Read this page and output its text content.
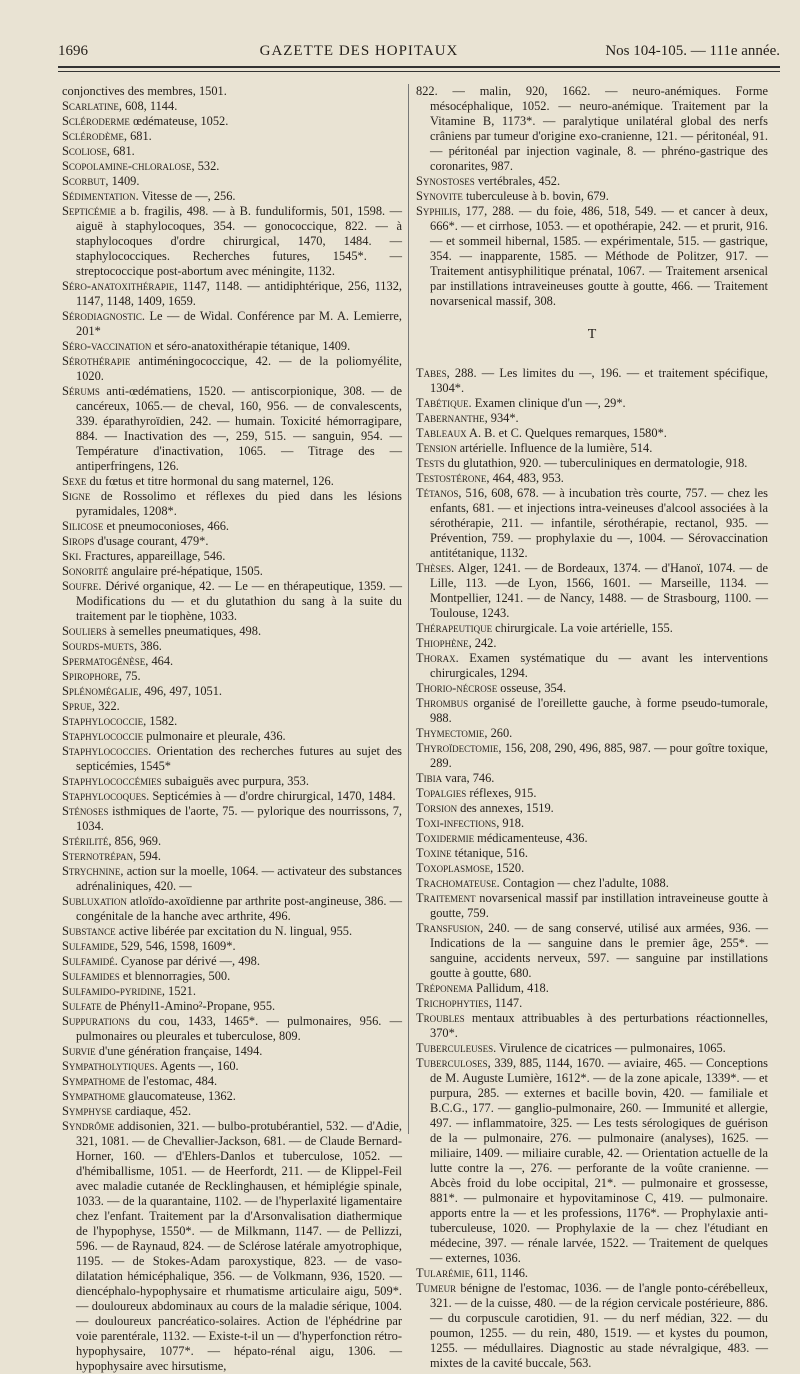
1696	GAZETTE DES HOPITAUX	Nos 104-105. — 111e année.

conjonctives des membres, 1501.

Scarlatine, 608, 1144.

Scléroderme œdémateuse, 1052.

Sclérodème, 681.

Scoliose, 681.

Scopolamine-chloralose, 532.

Scorbut, 1409.

Sédimentation. Vitesse de —, 256.

Septicémie a b. fragilis, 498. — à B. funduliformis, 501, 1598. — aiguë à staphylocoques, 354. — gonococcique, 822. — à staphylocoques d'ordre chirurgical, 1470, 1484. — staphylococciques. Recherches futures, 1545*. — streptococcique post-abortum avec méningite, 1132.

Séro-anatoxithérapie, 1147, 1148. — antidiphtérique, 256, 1132, 1147, 1148, 1409, 1659.

Sérodiagnostic. Le — de Widal. Conférence par M. A. Lemierre, 201*

Séro-vaccination et séro-anatoxithérapie tétanique, 1409.

Sérothérapie antiméningococcique, 42. — de la poliomyélite, 1020.

Sérums anti-œdématiens, 1520. — antiscorpionique, 308. — de cancéreux, 1065.— de cheval, 160, 956. — de convalescents, 339. éparathyroïdien, 242. — humain. Toxicité hémorragipare, 884. — Inactivation des —, 259, 515. — sanguin, 954. — Température d'inactivation, 1065. — Titrage des — antiperfringens, 126.

Sexe du fœtus et titre hormonal du sang maternel, 126.

Signe de Rossolimo et réflexes du pied dans les lésions pyramidales, 1208*.

Silicose et pneumoconioses, 466.

Sirops d'usage courant, 479*.

Ski. Fractures, appareillage, 546.

Sonorité angulaire pré-hépatique, 1505.

Soufre. Dérivé organique, 42. — Le — en thérapeutique, 1359. — Modifications du — et du glutathion du sang à la suite du traitement par le tiophène, 1033.

Souliers à semelles pneumatiques, 498.

Sourds-muets, 386.

Spermatogénèse, 464.

Spirophore, 75.

Splénomégalie, 496, 497, 1051.

Sprue, 322.

Staphylococcie, 1582.

Staphylococcie pulmonaire et pleurale, 436.

Staphylococcies. Orientation des recherches futures au sujet des septicémies, 1545*

Staphylococcémies subaiguës avec purpura, 353.

Staphylocoques. Septicémies à — d'ordre chirurgical, 1470, 1484.

Sténoses isthmiques de l'aorte, 75. — pylorique des nourrissons, 7, 1034.

Stérilité, 856, 969.

Sternotrépan, 594.

Strychnine, action sur la moelle, 1064. — activateur des substances adrénaliniques, 420. —

Subluxation atloïdo-axoïdienne par arthrite post-angineuse, 386. — congénitale de la hanche avec arthrite, 496.

Substance active libérée par excitation du N. lingual, 955.

Sulfamide, 529, 546, 1598, 1609*.

Sulfamidé. Cyanose par dérivé —, 498.

Sulfamides et blennorragies, 500.

Sulfamido-pyridine, 1521.

Sulfate de Phényl1-Amino²-Propane, 955.

Suppurations du cou, 1433, 1465*. — pulmonaires, 956. — pulmonaires ou pleurales et tuberculose, 809.

Survie d'une génération française, 1494.

Sympatholytiques. Agents —, 160.

Sympathome de l'estomac, 484.

Sympathome glaucomateuse, 1362.

Symphyse cardiaque, 452.

Syndrôme addisonien, 321. — bulbo-protubérantiel, 532. — d'Adie, 321, 1081. — de Chevallier-Jackson, 681. — de Claude Bernard-Horner, 160. — d'Ehlers-Danlos et tuberculose, 1052. — d'hémiballisme, 1051. — de Heerfordt, 211. — de Klippel-Feil avec maladie cutanée de Recklinghausen, et hémiplégie spinale, 1033. — de la quarantaine, 1102. — de l'hyperlaxité ligamentaire chez l'enfant. Traitement par la d'Arsonvalisation diathermique de l'hypophyse, 1550*. — de Milkmann, 1147. — de Pellizzi, 596. — de Raynaud, 824. — de Sclérose latérale amyotrophique, 1195. — de Stokes-Adam paroxystique, 823. — de vaso-dilatation hémicéphalique, 356. — de Volkmann, 936, 1520. — diencéphalo-hypophysaire et rhumatisme articulaire aigu, 509*. — douloureux abdominaux au cours de la maladie sérique, 1004. — douloureux pancréatico-solaires. Action de l'éphédrine par voie parentérale, 1132. — Existe-t-il un — d'hyperfonction rétro-hypophysaire, 1077*. — hépato-rénal aigu, 1306. — hypophysaire avec hirsutisme,

822. — malin, 920, 1662. — neuro-anémiques. Forme mésocéphalique, 1052. — neuro-anémique. Traitement par la Vitamine B, 1173*. — paralytique unilatéral global des nerfs crâniens par tumeur d'origine exo-cranienne, 121. — péritonéal, 91. — péritonéal par injection vaginale, 8. — phréno-gastrique des coronarites, 987.

Synostoses vertébrales, 452.

Synovite tuberculeuse à b. bovin, 679.

Syphilis, 177, 288. — du foie, 486, 518, 549. — et cancer à deux, 666*. — et cirrhose, 1053. — et opothérapie, 242. — et prurit, 916. — et sommeil hibernal, 1585. — expérimentale, 515. — gastrique, 354. — inapparente, 1585. — Méthode de Politzer, 917. — Traitement antisyphilitique prénatal, 1067. — Traitement arsenical par instillations intraveineuses goutte à goutte, 466. — Traitement novarsenical massif, 308.

T

Tabes, 288. — Les limites du —, 196. — et traitement spécifique, 1304*.

Tabétique. Examen clinique d'un —, 29*.

Tabernanthe, 934*.

Tableaux A. B. et C. Quelques remarques, 1580*.

Tension artérielle. Influence de la lumière, 514.

Tests du glutathion, 920. — tuberculiniques en dermatologie, 918.

Testostérone, 464, 483, 953.

Tétanos, 516, 608, 678. — à incubation très courte, 757. — chez les enfants, 681. — et injections intra-veineuses d'alcool associées à la sérothérapie, 211. — infantile, sérothérapie, rectanol, 935. — Prévention, 759. — prophylaxie du —, 1004. — Sérovaccination antitétanique, 1132.

Thèses. Alger, 1241. — de Bordeaux, 1374. — d'Hanoï, 1074. — de Lille, 113. —de Lyon, 1566, 1601. — Marseille, 1134. — Montpellier, 1241. — de Nancy, 1488. — de Strasbourg, 1100. — Toulouse, 1243.

Thérapeutique chirurgicale. La voie artérielle, 155.

Thiophène, 242.

Thorax. Examen systématique du — avant les interventions chirurgicales, 1294.

Thorio-nécrose osseuse, 354.

Thrombus organisé de l'oreillette gauche, à forme pseudo-tumorale, 988.

Thymectomie, 260.

Thyroïdectomie, 156, 208, 290, 496, 885, 987. — pour goître toxique, 289.

Tibia vara, 746.

Topalgies réflexes, 915.

Torsion des annexes, 1519.

Toxi-infections, 918.

Toxidermie médicamenteuse, 436.

Toxine tétanique, 516.

Toxoplasmose, 1520.

Trachomateuse. Contagion — chez l'adulte, 1088.

Traitement novarsenical massif par instillation intraveineuse goutte à goutte, 759.

Transfusion, 240. — de sang conservé, utilisé aux armées, 936. — Indications de la — sanguine dans le premier âge, 255*. — sanguine, accidents nerveux, 597. — sanguine par instillations goutte à goutte, 680.

Tréponema Pallidum, 418.

Trichophyties, 1147.

Troubles mentaux attribuables à des perturbations réactionnelles, 370*.

Tuberculeuses. Virulence de cicatrices — pulmonaires, 1065.

Tuberculoses, 339, 885, 1144, 1670. — aviaire, 465. — Conceptions de M. Auguste Lumière, 1612*. — de la zone apicale, 1339*. — et purpura, 285. — externes et bacille bovin, 420. — familiale et B.C.G., 177. — ganglio-pulmonaire, 260. — Immunité et allergie, 497. — inflammatoire, 325. — Les tests sérologiques de guérison de la — pulmonaire, 276. — pulmonaire (analyses), 1625. — miliaire, 1409. — miliaire curable, 42. — Orientation actuelle de la lutte contre la —, 276. — perforante de la voûte cranienne. — Abcès froid du lobe occipital, 21*. — pulmonaire et grossesse, 881*. — pulmonaire et hypovitaminose C, 419. — pulmonaire. apports entre la — et les professions, 1176*. — Prophylaxie anti-tuberculeuse, 1020. — Prophylaxie de la — chez l'étudiant en médecine, 397. — rénale larvée, 1522. — Traitement de quelques — externes, 1036.

Tularémie, 611, 1146.

Tumeur bénigne de l'estomac, 1036. — de l'angle ponto-cérébelleux, 321. — de la cuisse, 480. — de la région cervicale postérieure, 886. — du corpuscule carotidien, 91. — du nerf médian, 322. — du poumon, 1255. — du rein, 480, 1519. — et kystes du poumon, 1255. — médullaires. Diagnostic au stade névralgique, 483. — mixtes de la cavité buccale, 563.
